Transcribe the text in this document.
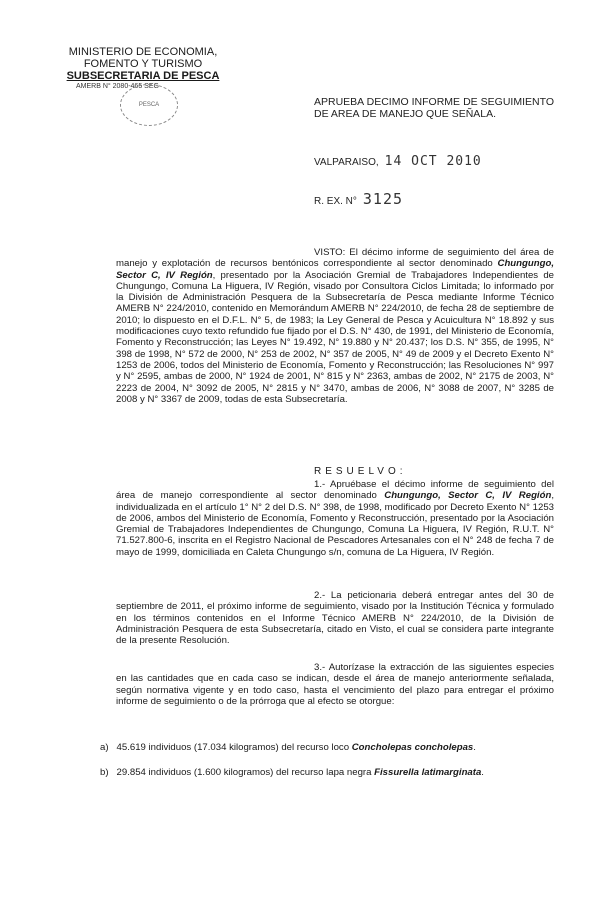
MINISTERIO DE ECONOMIA,
FOMENTO Y TURISMO
SUBSECRETARIA DE PESCA
AMERB N° 2080-465 SEG
PESCA	APRUEBA DECIMO INFORME DE SEGUIMIENTO DE AREA DE MANEJO QUE SEÑALA.
VALPARAISO, 14 OCT 2010
R. EX. N° 3125
VISTO: El décimo informe de seguimiento del área de manejo y explotación de recursos bentónicos correspondiente al sector denominado Chungungo, Sector C, IV Región, presentado por la Asociación Gremial de Trabajadores Independientes de Chungungo, Comuna La Higuera, IV Región, visado por Consultora Ciclos Limitada; lo informado por la División de Administración Pesquera de la Subsecretaría de Pesca mediante Informe Técnico AMERB N° 224/2010, contenido en Memorándum AMERB N° 224/2010, de fecha 28 de septiembre de 2010; lo dispuesto en el D.F.L. N° 5, de 1983; la Ley General de Pesca y Acuicultura N° 18.892 y sus modificaciones cuyo texto refundido fue fijado por el D.S. N° 430, de 1991, del Ministerio de Economía, Fomento y Reconstrucción; las Leyes N° 19.492, N° 19.880 y N° 20.437; los D.S. N° 355, de 1995, N° 398 de 1998, N° 572 de 2000, N° 253 de 2002, N° 357 de 2005, N° 49 de 2009 y el Decreto Exento N° 1253 de 2006, todos del Ministerio de Economía, Fomento y Reconstrucción; las Resoluciones N° 997 y N° 2595, ambas de 2000, N° 1924 de 2001, N° 815 y N° 2363, ambas de 2002, N° 2175 de 2003, N° 2223 de 2004, N° 3092 de 2005, N° 2815 y N° 3470, ambas de 2006, N° 3088 de 2007, N° 3285 de 2008 y N° 3367 de 2009, todas de esta Subsecretaría.
RESUELVO:
1.- Apruébase el décimo informe de seguimiento del área de manejo correspondiente al sector denominado Chungungo, Sector C, IV Región, individualizada en el artículo 1° N° 2 del D.S. N° 398, de 1998, modificado por Decreto Exento N° 1253 de 2006, ambos del Ministerio de Economía, Fomento y Reconstrucción, presentado por la Asociación Gremial de Trabajadores Independientes de Chungungo, Comuna La Higuera, IV Región, R.U.T. N° 71.527.800-6, inscrita en el Registro Nacional de Pescadores Artesanales con el N° 248 de fecha 7 de mayo de 1999, domiciliada en Caleta Chungungo s/n, comuna de La Higuera, IV Región.
2.- La peticionaria deberá entregar antes del 30 de septiembre de 2011, el próximo informe de seguimiento, visado por la Institución Técnica y formulado en los términos contenidos en el Informe Técnico AMERB N° 224/2010, de la División de Administración Pesquera de esta Subsecretaría, citado en Visto, el cual se considera parte integrante de la presente Resolución.
3.- Autorízase la extracción de las siguientes especies en las cantidades que en cada caso se indican, desde el área de manejo anteriormente señalada, según normativa vigente y en todo caso, hasta el vencimiento del plazo para entregar el próximo informe de seguimiento o de la prórroga que al efecto se otorgue:
a) 45.619 individuos (17.034 kilogramos) del recurso loco Concholepas concholepas.
b) 29.854 individuos (1.600 kilogramos) del recurso lapa negra Fissurella latimarginata.
